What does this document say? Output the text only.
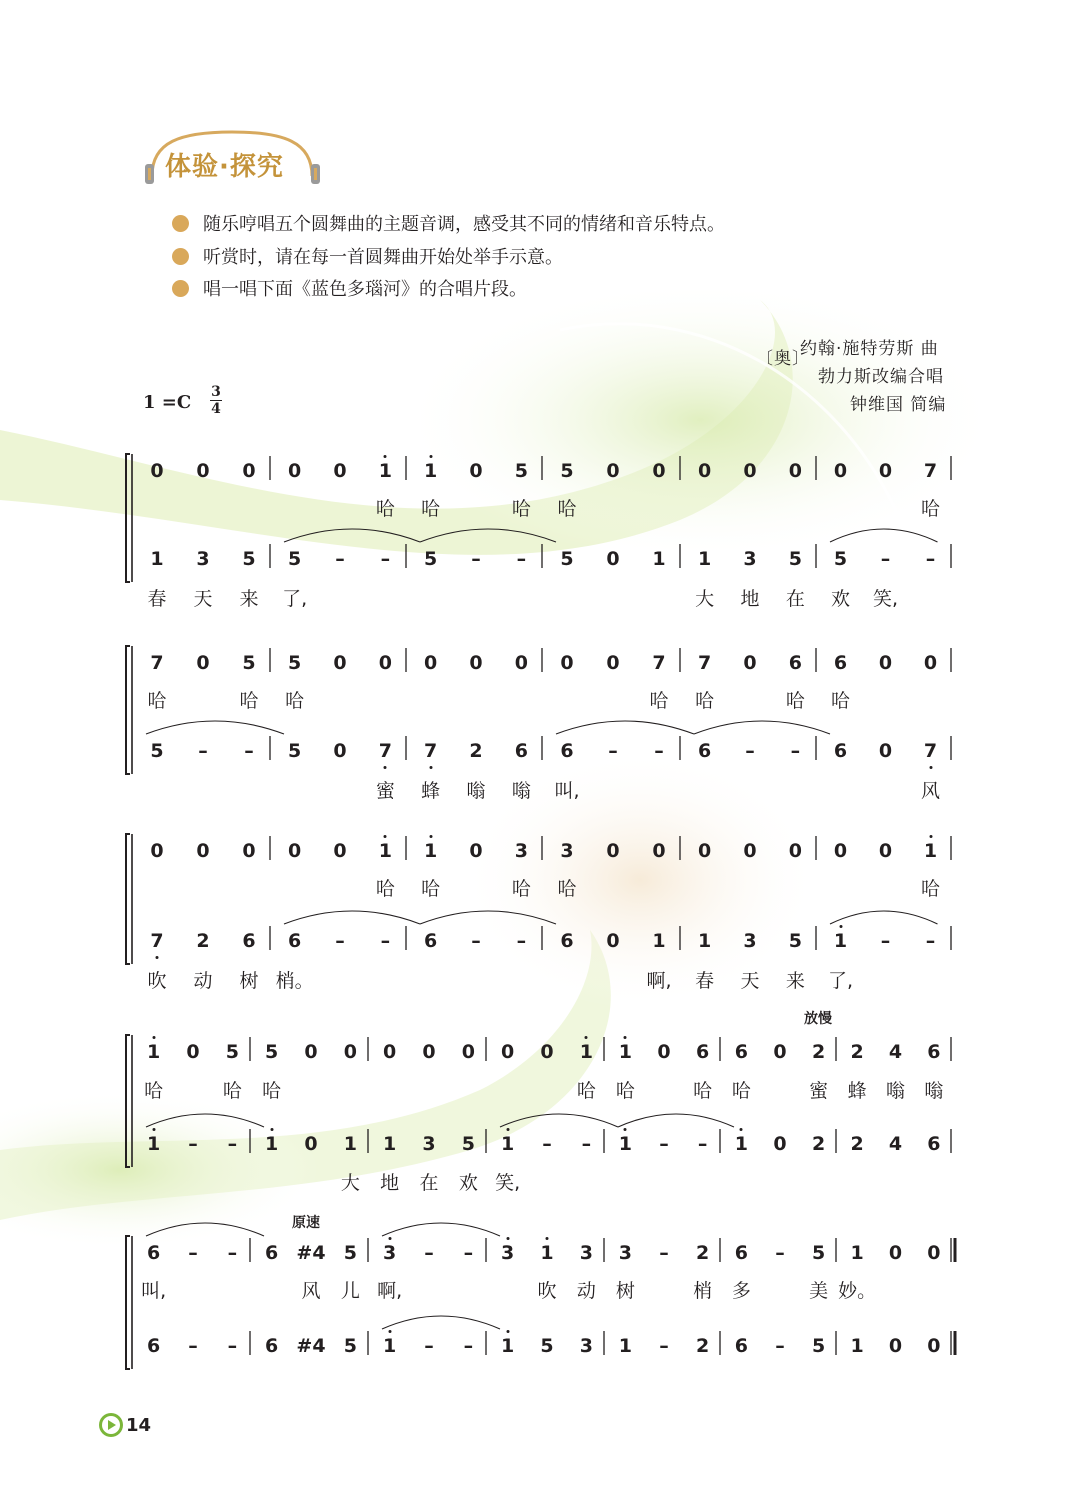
体验·探究
随乐哼唱五个圆舞曲的主题音调，感受其不同的情绪和音乐特点。
听赏时，请在每一首圆舞曲开始处举手示意。
唱一唱下面《蓝色多瑙河》的合唱片段。
〔奥〕
约翰·施特劳斯 曲
勃力斯改编合唱
钟维国 简编
1 =C 3
4
0 0 0 0 0 1
哈
1
哈
0 5
哈
5
哈
0 0 0 0 0 0 0 7
哈
1
春
3
天
5
来
5
了,
– – 5 – – 5 0 1 1
大
3
地
5
在
5
欢
–
笑,
–
7
哈
0 5
哈
5
哈
0 0 0 0 0 0 0 7
哈
7
哈
0 6
哈
6
哈
0 0
5 – – 5 0 7
蜜
7
蜂
2
嗡
6
嗡
6
叫,
– – 6 – – 6 0 7
风
0 0 0 0 0 1
哈
1
哈
0 3
哈
3
哈
0 0 0 0 0 0 0 1
哈
7
吹
2
动
6
树
6
梢。
– – 6 – – 6 0 1
啊,
1
春
3
天
5
来
1
了,
– –
1
哈
0 5
哈
5
哈
0 0 0 0 0 0 0 1
哈
1
哈
0 6
哈
6
哈
0 2
蜜
2
蜂
4
嗡
6
嗡
1 – – 1 0 1
大
1
地
3
在
5
欢
1
笑,
– – 1 – – 1 0 2 2 4 6
6
叫,
– – 6 #4
风
5
儿
3
啊,
– – 3 1
吹
3
动
3
树
– 2
梢
6
多
– 5
美
1
妙。
0 0
6 – – 6 #4 5 1 – – 1 5 3 1 – 2 6 – 5 1 0 0
放慢
原速
14
